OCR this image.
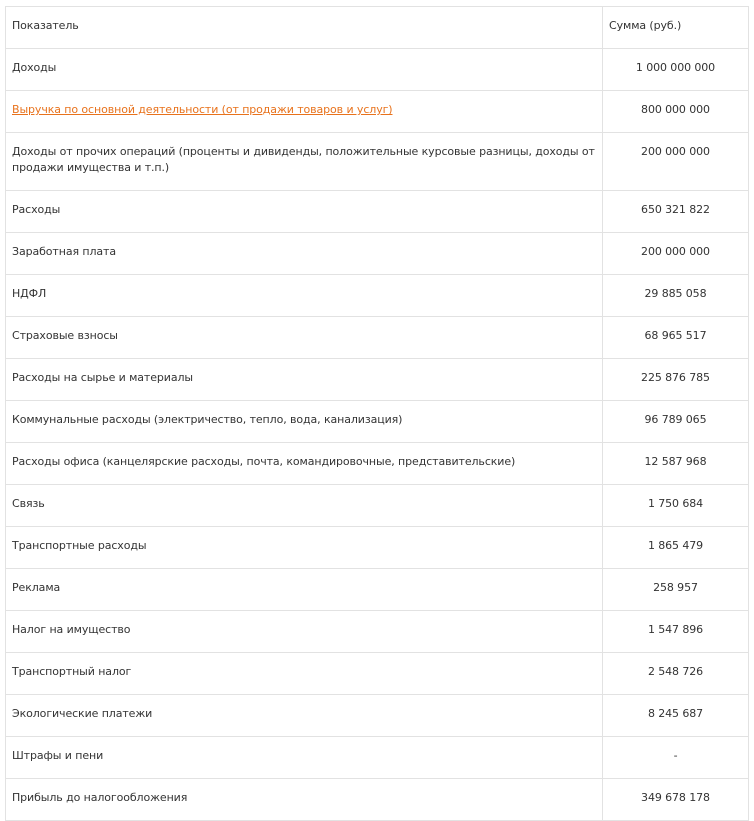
Показатель	Сумма (руб.)
Доходы	1 000 000 000
Выручка по основной деятельности (от продажи товаров и услуг)	800 000 000
Доходы от прочих операций (проценты и дивиденды, положительные курсовые разницы, доходы от продажи имущества и т.п.)	200 000 000
Расходы	650 321 822
Заработная плата	200 000 000
НДФЛ	29 885 058
Страховые взносы	68 965 517
Расходы на сырье и материалы	225 876 785
Коммунальные расходы (электричество, тепло, вода, канализация)	96 789 065
Расходы офиса (канцелярские расходы, почта, командировочные, представительские)	12 587 968
Связь	1 750 684
Транспортные расходы	1 865 479
Реклама	258 957
Налог на имущество	1 547 896
Транспортный налог	2 548 726
Экологические платежи	8 245 687
Штрафы и пени	-
Прибыль до налогообложения	349 678 178
